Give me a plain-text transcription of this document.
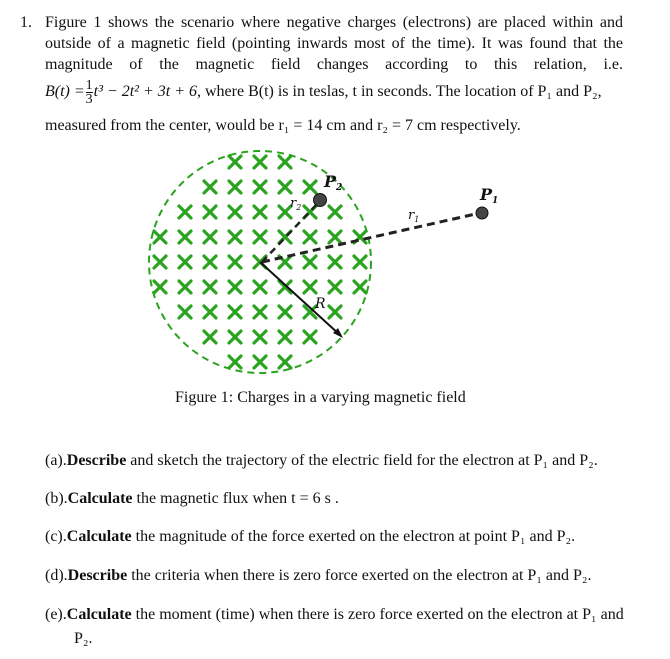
1. Figure 1 shows the scenario where negative charges (electrons) are placed within and
outside of a magnetic field (pointing inwards most of the time). It was found that the
magnitude of the magnetic field changes according to this relation, i.e.
$B(t) = \frac{1}{3} t^3 - 2t^2 + 3t + 6$, where B(t) is in teslas, t in seconds. The location of P₁ and P₂,
measured from the center, would be r₁ = 14 cm and r₂ = 7 cm respectively.
P2	P1
$r_2$
$r_1$
R
Figure 1: Charges in a varying magnetic field
(a).Describe and sketch the trajectory of the electric field for the electron at P₁ and P₂.
(b).Calculate the magnetic flux when t = 6 s .
(c).Calculate the magnitude of the force exerted on the electron at point P₁ and P₂.
(d).Describe the criteria when there is zero force exerted on the electron at P₁ and P₂.
(e).Calculate the moment (time) when there is zero force exerted on the electron at P₁ and
P₂.
